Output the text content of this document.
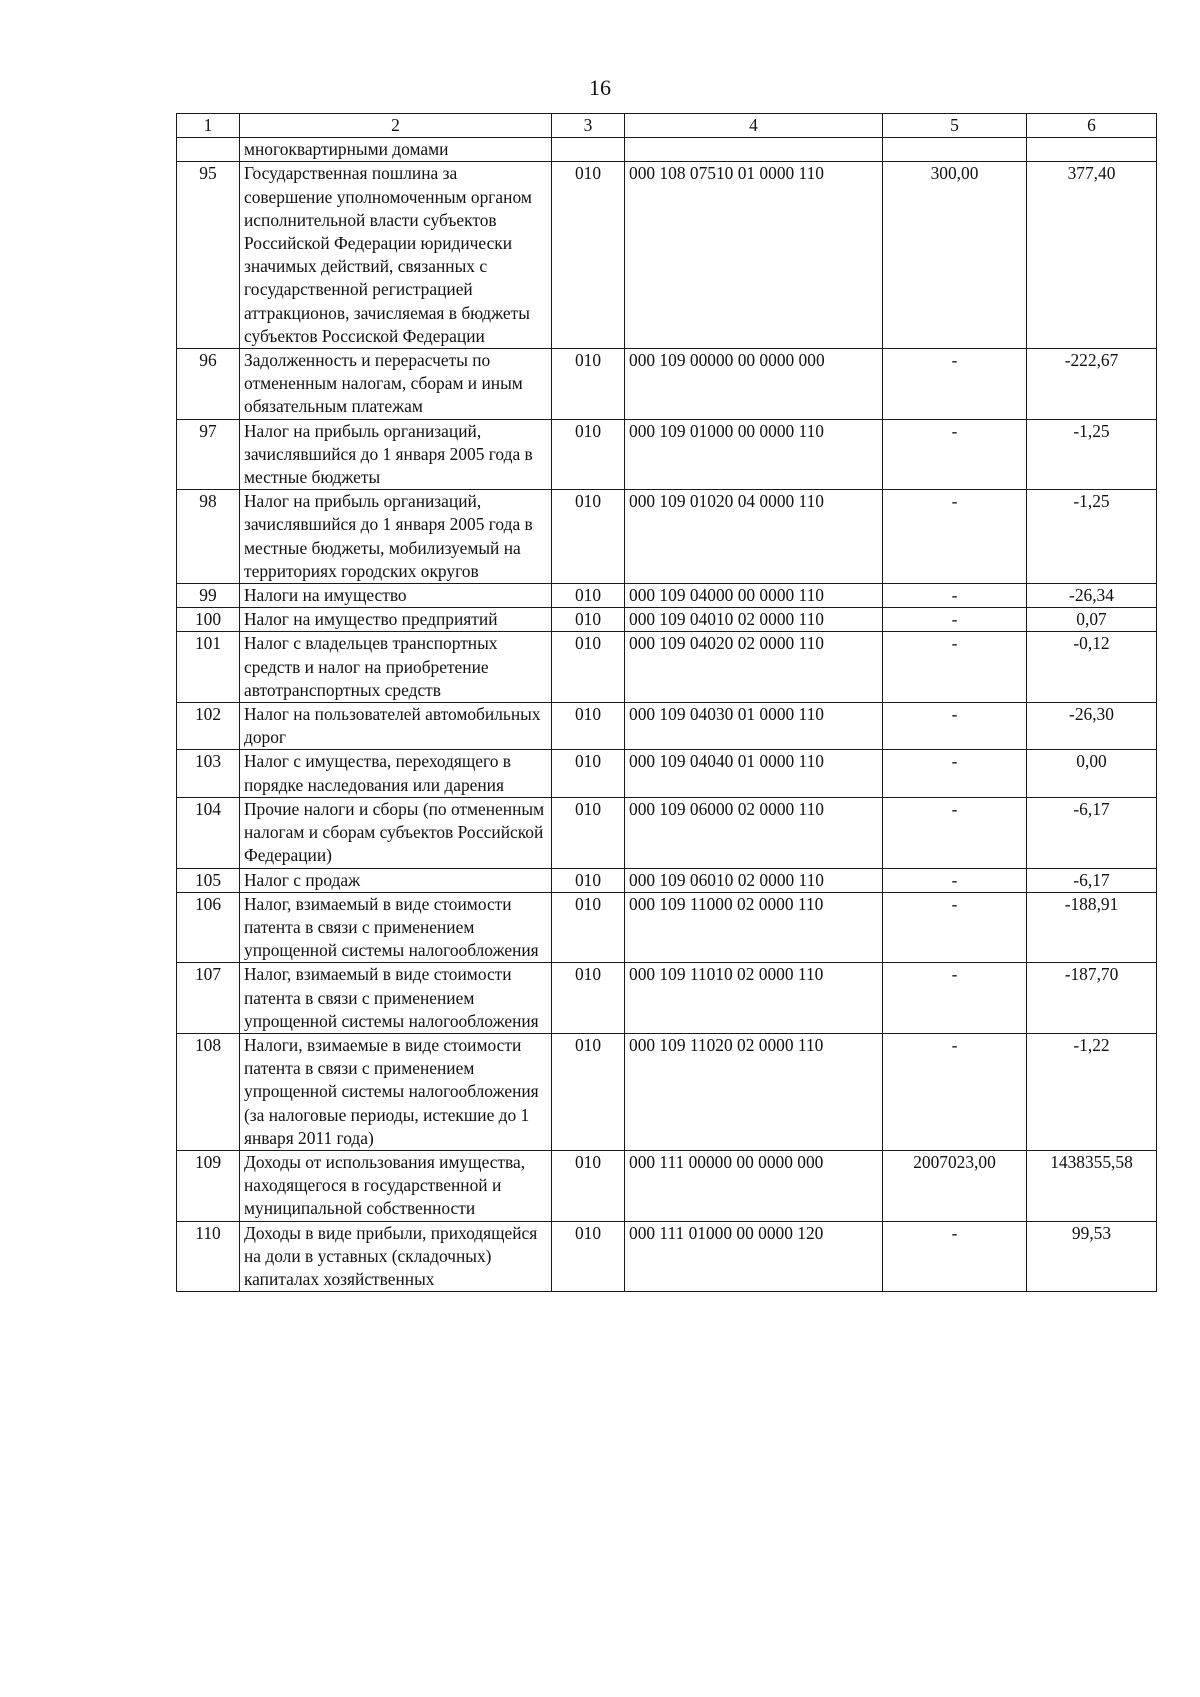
16
1	2	3	4	5	6
	многоквартирными домами				
95	Государственная пошлина за совершение уполномоченным органом исполнительной власти субъектов Российской Федерации юридически значимых действий, связанных с государственной регистрацией аттракционов, зачисляемая в бюджеты субъектов Россиской Федерации	010	000 108 07510 01 0000 110	300,00	377,40
96	Задолженность и перерасчеты по отмененным налогам, сборам и иным обязательным платежам	010	000 109 00000 00 0000 000	-	-222,67
97	Налог на прибыль организаций, зачислявшийся до 1 января 2005 года в местные бюджеты	010	000 109 01000 00 0000 110	-	-1,25
98	Налог на прибыль организаций, зачислявшийся до 1 января 2005 года в местные бюджеты, мобилизуемый на территориях городских округов	010	000 109 01020 04 0000 110	-	-1,25
99	Налоги на имущество	010	000 109 04000 00 0000 110	-	-26,34
100	Налог на имущество предприятий	010	000 109 04010 02 0000 110	-	0,07
101	Налог с владельцев транспортных средств и налог на приобретение автотранспортных средств	010	000 109 04020 02 0000 110	-	-0,12
102	Налог на пользователей автомобильных дорог	010	000 109 04030 01 0000 110	-	-26,30
103	Налог с имущества, переходящего в порядке наследования или дарения	010	000 109 04040 01 0000 110	-	0,00
104	Прочие налоги и сборы (по отмененным налогам и сборам субъектов Российской Федерации)	010	000 109 06000 02 0000 110	-	-6,17
105	Налог с продаж	010	000 109 06010 02 0000 110	-	-6,17
106	Налог, взимаемый в виде стоимости патента в связи с применением упрощенной системы налогообложения	010	000 109 11000 02 0000 110	-	-188,91
107	Налог, взимаемый в виде стоимости патента в связи с применением упрощенной системы налогообложения	010	000 109 11010 02 0000 110	-	-187,70
108	Налоги, взимаемые в виде стоимости патента в связи с применением упрощенной системы налогообложения (за налоговые периоды, истекшие до 1 января 2011 года)	010	000 109 11020 02 0000 110	-	-1,22
109	Доходы от использования имущества, находящегося в государственной и муниципальной собственности	010	000 111 00000 00 0000 000	2007023,00	1438355,58
110	Доходы в виде прибыли, приходящейся на доли в уставных (складочных) капиталах хозяйственных	010	000 111 01000 00 0000 120	-	99,53
